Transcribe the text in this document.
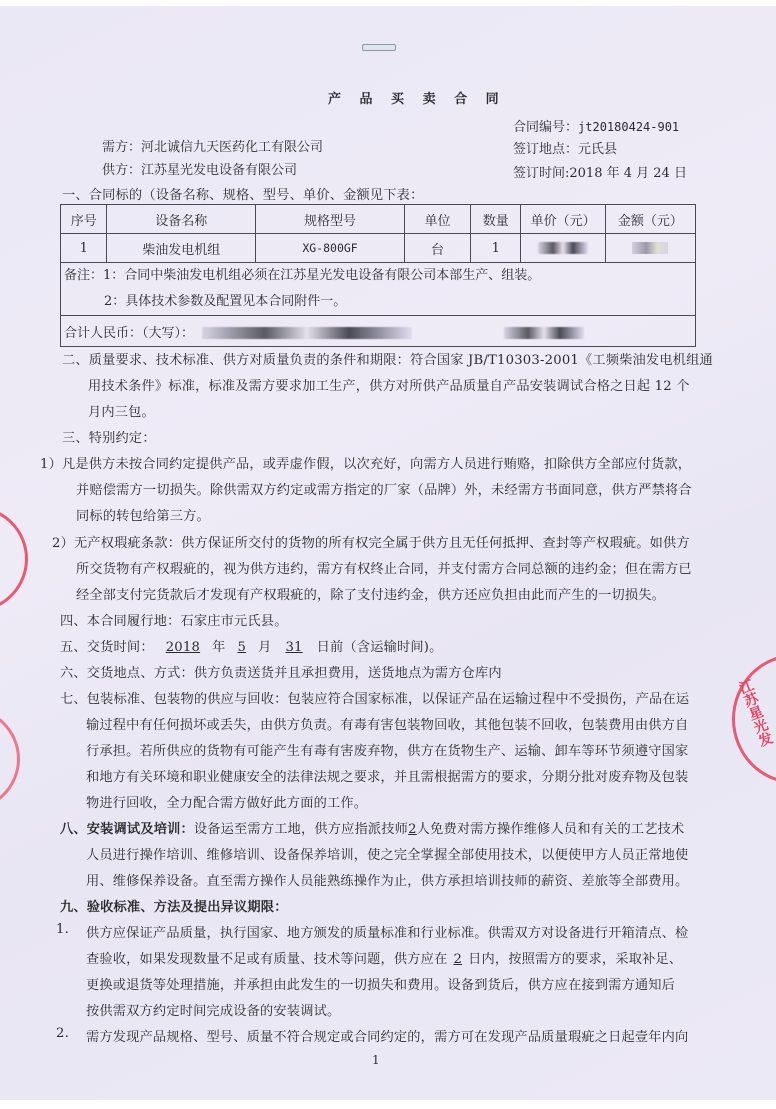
产 品 买 卖 合 同
合同编号：jt20180424-901
需方：河北诚信九天医药化工有限公司	签订地点：元氏县
供方：江苏星光发电设备有限公司	签订时间:2018 年 4 月 24 日
一、合同标的（设备名称、规格、型号、单价、金额见下表：
序号	设备名称	规格型号	单位	数量	单价（元）	金额（元）
1	柴油发电机组	XG-800GF	台	1		

备注：1：合同中柴油发电机组必须在江苏星光发电设备有限公司本部生产、组装。
2：具体技术参数及配置见本合同附件一。						

合计人民币：（大写）：						
二、质量要求、技术标准、供方对质量负责的条件和期限：符合国家 JB/T10303-2001《工频柴油发电机组通
用技术条件》标准，标准及需方要求加工生产，供方对所供产品质量自产品安装调试合格之日起 12 个
月内三包。
三、特别约定：
1）凡是供方未按合同约定提供产品，或弄虚作假，以次充好，向需方人员进行贿赂，扣除供方全部应付货款，
并赔偿需方一切损失。除供需双方约定或需方指定的厂家（品牌）外，未经需方书面同意，供方严禁将合
同标的转包给第三方。
2）无产权瑕疵条款：供方保证所交付的货物的所有权完全属于供方且无任何抵押、查封等产权瑕疵。如供方
所交货物有产权瑕疵的，视为供方违约，需方有权终止合同，并支付需方合同总额的违约金；但在需方已
经全部支付完货款后才发现有产权瑕疵的，除了支付违约金，供方还应负担由此而产生的一切损失。
四、本合同履行地：石家庄市元氏县。
五、交货时间： 2018 年 5 月 31 日前（含运输时间)。
六、交货地点、方式：供方负责送货并且承担费用，送货地点为需方仓库内
七、包装标准、包装物的供应与回收：包装应符合国家标准，以保证产品在运输过程中不受损伤，产品在运
输过程中有任何损坏或丢失，由供方负责。有毒有害包装物回收，其他包装不回收，包装费用由供方自
行承担。若所供应的货物有可能产生有毒有害废弃物，供方在货物生产、运输、卸车等环节须遵守国家
和地方有关环境和职业健康安全的法律法规之要求，并且需根据需方的要求，分期分批对废弃物及包装
物进行回收，全力配合需方做好此方面的工作。
八、安装调试及培训：设备运至需方工地，供方应指派技师2人免费对需方操作维修人员和有关的工艺技术
人员进行操作培训、维修培训、设备保养培训，使之完全掌握全部使用技术，以便使甲方人员正常地使
用、维修保养设备。直至需方操作人员能熟练操作为止，供方承担培训技师的薪资、差旅等全部费用。
九、验收标准、方法及提出异议期限：
1. 供方应保证产品质量，执行国家、地方颁发的质量标准和行业标准。供需双方对设备进行开箱清点、检
查验收，如果发现数量不足或有质量、技术等问题，供方应在 2 日内，按照需方的要求，采取补足、
更换或退货等处理措施，并承担由此发生的一切损失和费用。设备到货后，供方应在接到需方通知后
按供需双方约定时间完成设备的安装调试。
2. 需方发现产品规格、型号、质量不符合规定或合同约定的，需方可在发现产品质量瑕疵之日起壹年内向
1
江苏星光发
